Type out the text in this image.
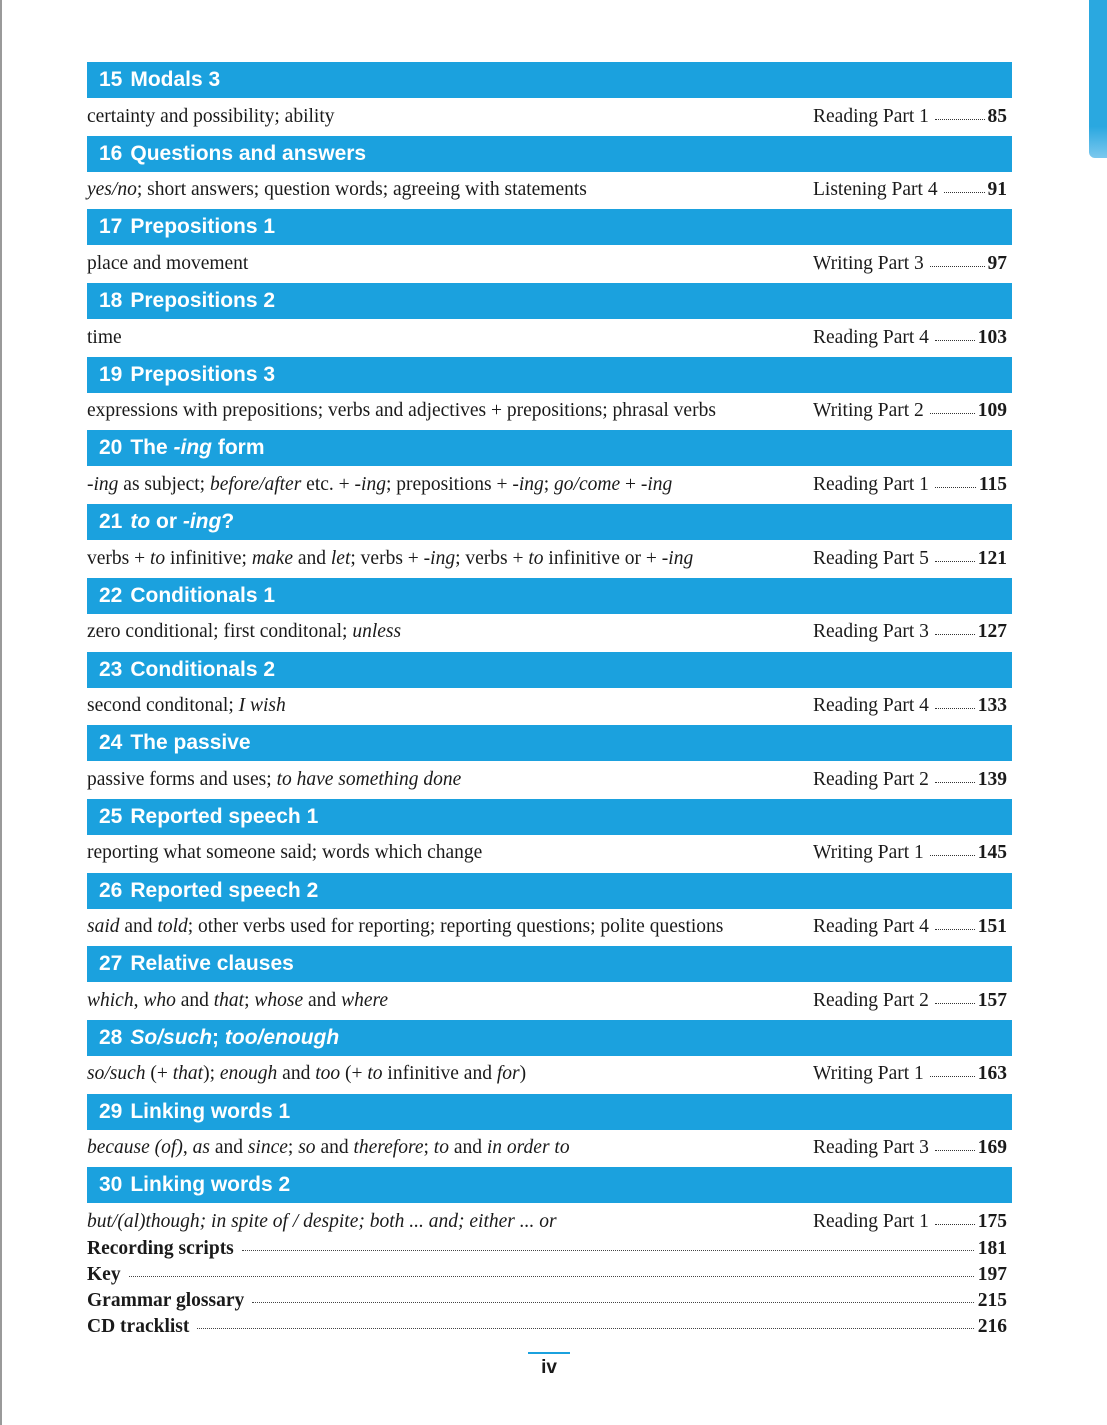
15 Modals 3
certainty and possibility; ability	Reading Part 1	85
16 Questions and answers
yes/no; short answers; question words; agreeing with statements	Listening Part 4	91
17 Prepositions 1
place and movement	Writing Part 3	97
18 Prepositions 2
time	Reading Part 4	103
19 Prepositions 3
expressions with prepositions; verbs and adjectives + prepositions; phrasal verbs	Writing Part 2	109
20 The -ing form
-ing as subject; before/after etc. + -ing; prepositions + -ing; go/come + -ing	Reading Part 1	115
21 to or -ing?
verbs + to infinitive; make and let; verbs + -ing; verbs + to infinitive or + -ing	Reading Part 5	121
22 Conditionals 1
zero conditional; first conditonal; unless	Reading Part 3	127
23 Conditionals 2
second conditonal; I wish	Reading Part 4	133
24 The passive
passive forms and uses; to have something done	Reading Part 2	139
25 Reported speech 1
reporting what someone said; words which change	Writing Part 1	145
26 Reported speech 2
said and told; other verbs used for reporting; reporting questions; polite questions	Reading Part 4	151
27 Relative clauses
which, who and that; whose and where	Reading Part 2	157
28 So/such; too/enough
so/such (+ that); enough and too (+ to infinitive and for)	Writing Part 1	163
29 Linking words 1
because (of), as and since; so and therefore; to and in order to	Reading Part 3	169
30 Linking words 2
but/(al)though; in spite of / despite; both ... and; either ... or	Reading Part 1	175
Recording scripts	181
Key	197
Grammar glossary	215
CD tracklist	216
iv
